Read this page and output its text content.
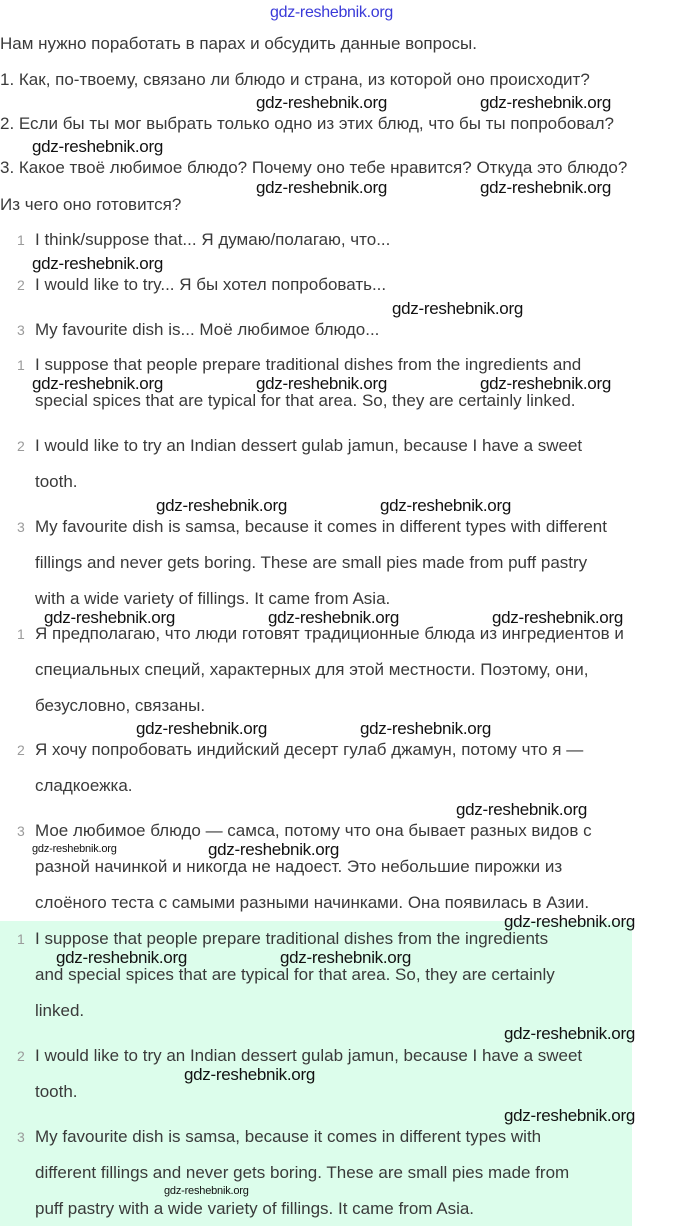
gdz-reshebnik.org
Нам нужно поработать в парах и обсудить данные вопросы.
1. Как, по-твоему, связано ли блюдо и страна, из которой оно происходит?
2. Если бы ты мог выбрать только одно из этих блюд, что бы ты попробовал?
3. Какое твоё любимое блюдо? Почему оно тебе нравится? Откуда это блюдо?
Из чего оно готовится?
1 I think/suppose that... Я думаю/полагаю, что...
2 I would like to try... Я бы хотел попробовать...
3 My favourite dish is... Моё любимое блюдо...
1 I suppose that people prepare traditional dishes from the ingredients and
special spices that are typical for that area. So, they are certainly linked.
2 I would like to try an Indian dessert gulab jamun, because I have a sweet
tooth.
3 My favourite dish is samsa, because it comes in different types with different
fillings and never gets boring. These are small pies made from puff pastry
with a wide variety of fillings. It came from Asia.
1 Я предполагаю, что люди готовят традиционные блюда из ингредиентов и
специальных специй, характерных для этой местности. Поэтому, они,
безусловно, связаны.
2 Я хочу попробовать индийский десерт гулаб джамун, потому что я —
сладкоежка.
3 Мое любимое блюдо — самса, потому что она бывает разных видов с
разной начинкой и никогда не надоест. Это небольшие пирожки из
слоёного теста с самыми разными начинками. Она появилась в Азии.
1 I suppose that people prepare traditional dishes from the ingredients
and special spices that are typical for that area. So, they are certainly
linked.
2 I would like to try an Indian dessert gulab jamun, because I have a sweet
tooth.
3 My favourite dish is samsa, because it comes in different types with
different fillings and never gets boring. These are small pies made from
puff pastry with a wide variety of fillings. It came from Asia.
gdz-reshebnik.org	gdz-reshebnik.org
gdz-reshebnik.org
gdz-reshebnik.org	gdz-reshebnik.org
gdz-reshebnik.org
gdz-reshebnik.org
gdz-reshebnik.org	gdz-reshebnik.org	gdz-reshebnik.org
gdz-reshebnik.org	gdz-reshebnik.org
gdz-reshebnik.org
gdz-reshebnik.org	gdz-reshebnik.org
gdz-reshebnik.org	gdz-reshebnik.org
gdz-reshebnik.org
gdz-reshebnik.org
gdz-reshebnik.org
gdz-reshebnik.org	gdz-reshebnik.org
gdz-reshebnik.org
gdz-reshebnik.org
gdz-reshebnik.org
gdz-reshebnik.org
gdz-reshebnik.org
